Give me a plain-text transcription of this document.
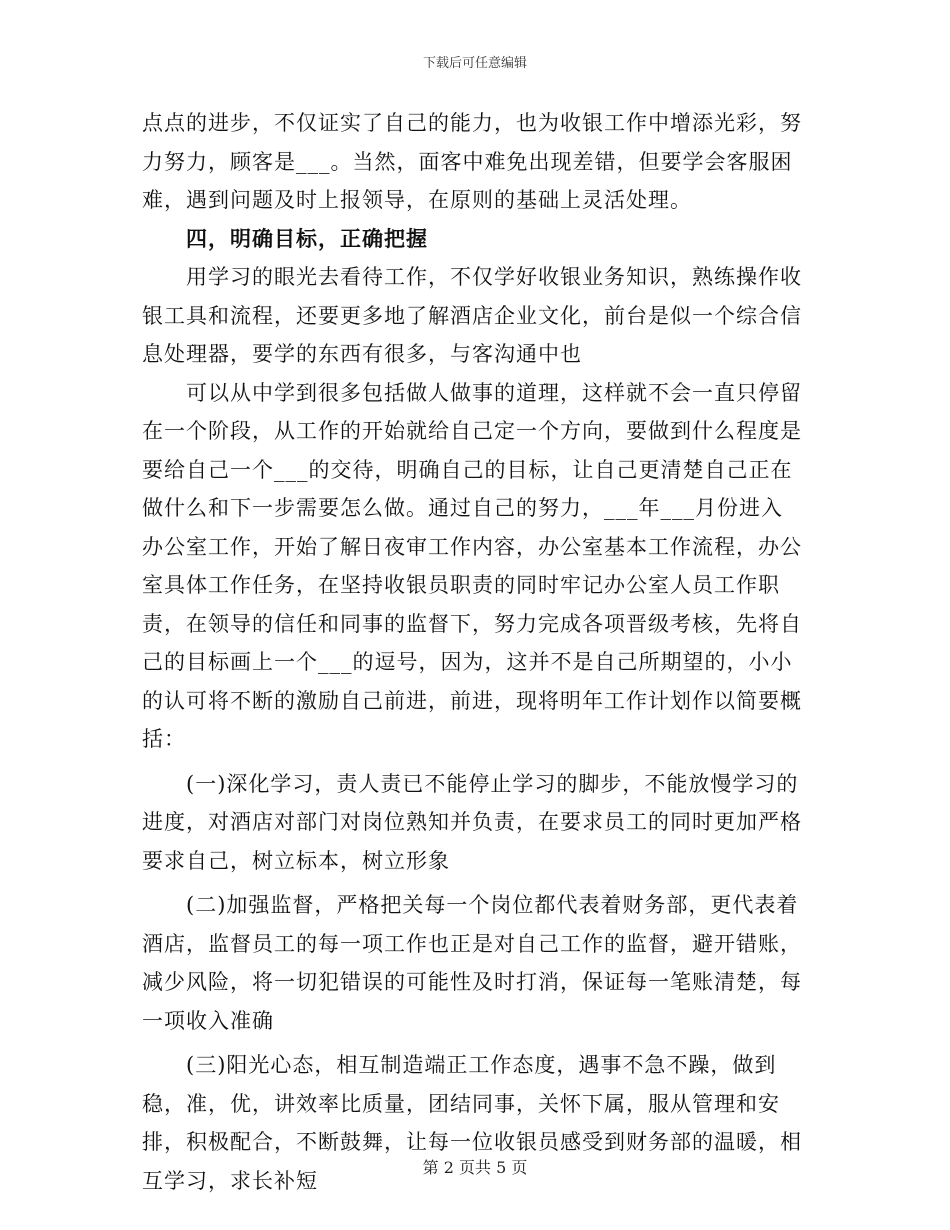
下载后可任意编辑

点点的进步，不仅证实了自己的能力，也为收银工作中增添光彩，努力努力，顾客是___。当然，面客中难免出现差错，但要学会客服困难，遇到问题及时上报领导，在原则的基础上灵活处理。

四，明确目标，正确把握

用学习的眼光去看待工作，不仅学好收银业务知识，熟练操作收银工具和流程，还要更多地了解酒店企业文化，前台是似一个综合信息处理器，要学的东西有很多，与客沟通中也

可以从中学到很多包括做人做事的道理，这样就不会一直只停留在一个阶段，从工作的开始就给自己定一个方向，要做到什么程度是要给自己一个___的交待，明确自己的目标，让自己更清楚自己正在做什么和下一步需要怎么做。通过自己的努力，___年___月份进入办公室工作，开始了解日夜审工作内容，办公室基本工作流程，办公室具体工作任务，在坚持收银员职责的同时牢记办公室人员工作职责，在领导的信任和同事的监督下，努力完成各项晋级考核，先将自己的目标画上一个___的逗号，因为，这并不是自己所期望的，小小的认可将不断的激励自己前进，前进，现将明年工作计划作以简要概括：

(一)深化学习，责人责已不能停止学习的脚步，不能放慢学习的进度，对酒店对部门对岗位熟知并负责，在要求员工的同时更加严格要求自己，树立标本，树立形象

(二)加强监督，严格把关每一个岗位都代表着财务部，更代表着酒店，监督员工的每一项工作也正是对自己工作的监督，避开错账，减少风险，将一切犯错误的可能性及时打消，保证每一笔账清楚，每一项收入准确

(三)阳光心态，相互制造端正工作态度，遇事不急不躁，做到稳，准，优，讲效率比质量，团结同事，关怀下属，服从管理和安排，积极配合，不断鼓舞，让每一位收银员感受到财务部的温暖，相互学习，求长补短

第 2 页共 5 页
